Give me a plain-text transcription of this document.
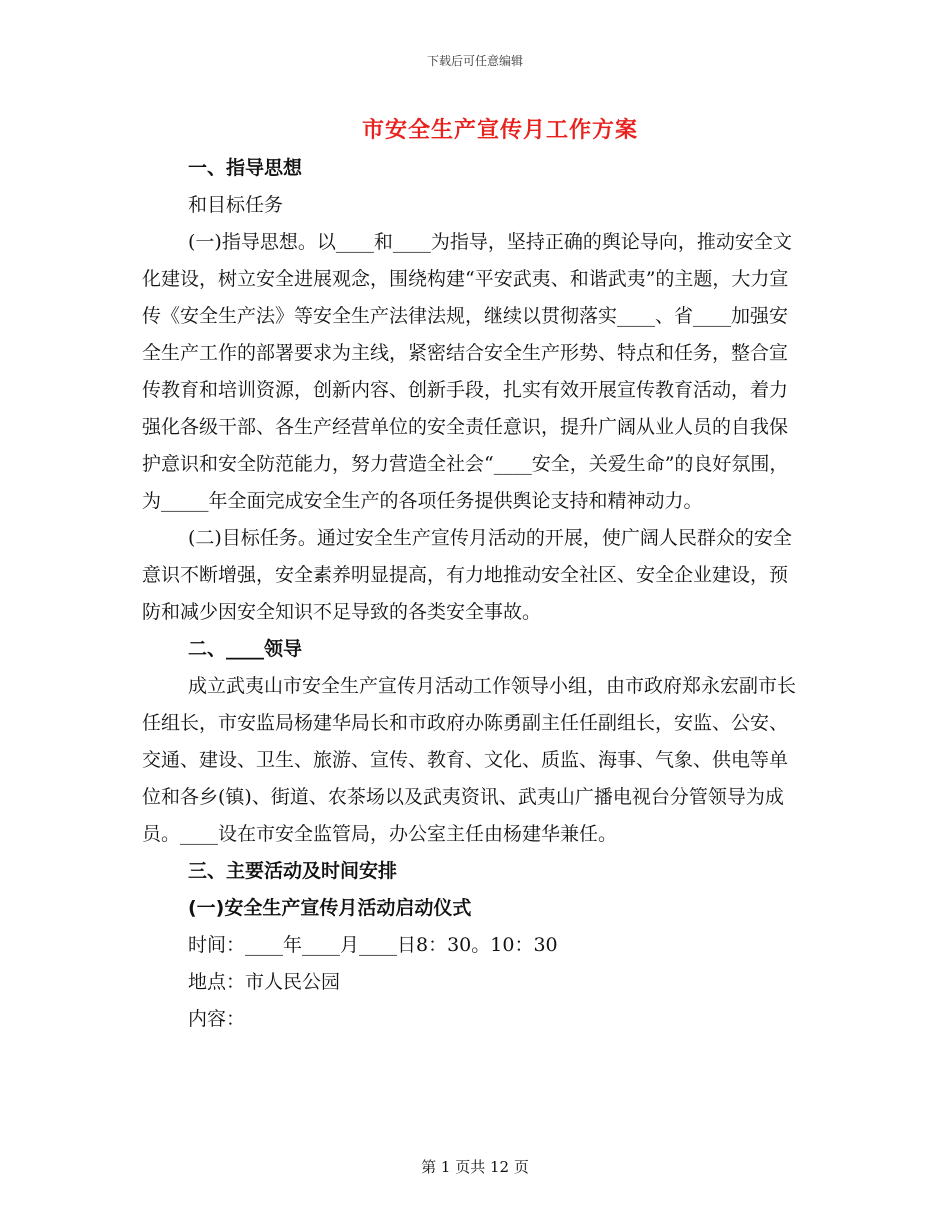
下载后可任意编辑
市安全生产宣传月工作方案

一、指导思想

和目标任务

(一)指导思想。以____和____为指导，坚持正确的舆论导向，推动安全文化建设，树立安全进展观念，围绕构建“平安武夷、和谐武夷”的主题，大力宣传《安全生产法》等安全生产法律法规，继续以贯彻落实____、省____加强安全生产工作的部署要求为主线，紧密结合安全生产形势、特点和任务，整合宣传教育和培训资源，创新内容、创新手段，扎实有效开展宣传教育活动，着力强化各级干部、各生产经营单位的安全责任意识，提升广阔从业人员的自我保护意识和安全防范能力，努力营造全社会“____安全，关爱生命”的良好氛围，为_____年全面完成安全生产的各项任务提供舆论支持和精神动力。

(二)目标任务。通过安全生产宣传月活动的开展，使广阔人民群众的安全意识不断增强，安全素养明显提高，有力地推动安全社区、安全企业建设，预防和减少因安全知识不足导致的各类安全事故。

二、____领导

成立武夷山市安全生产宣传月活动工作领导小组，由市政府郑永宏副市长任组长，市安监局杨建华局长和市政府办陈勇副主任任副组长，安监、公安、交通、建设、卫生、旅游、宣传、教育、文化、质监、海事、气象、供电等单位和各乡(镇)、街道、农茶场以及武夷资讯、武夷山广播电视台分管领导为成员。____设在市安全监管局，办公室主任由杨建华兼任。

三、主要活动及时间安排

(一)安全生产宣传月活动启动仪式

时间：____年____月____日8：30。10：30

地点：市人民公园

内容：

第 1 页共 12 页
